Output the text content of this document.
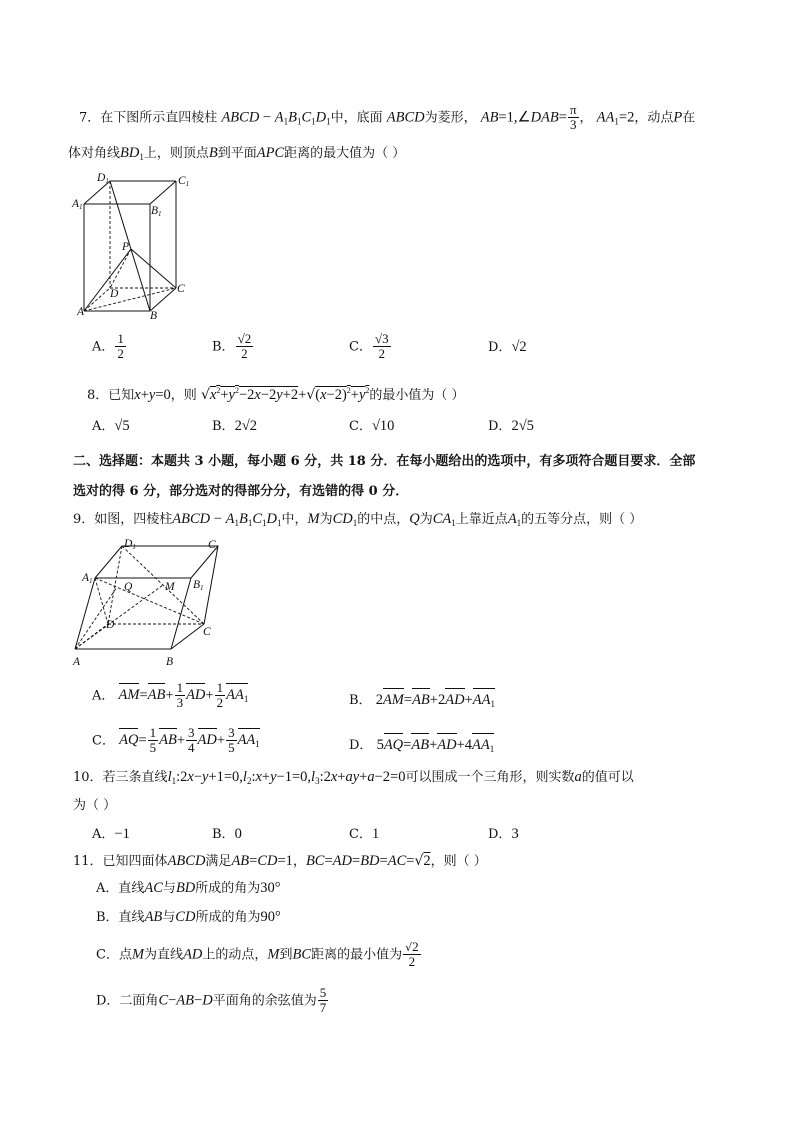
7．在下图所示直四棱柱 ABCD − $A_1B_1C_1D_1$中，底面 ABCD为菱形， AB=1,∠DAB= $\frac{\pi}{3}$ ， $AA_1=2$，动点P在
体对角线$BD_1$上，则顶点B到平面APC距离的最大值为（ ）
D1	C1
A1	B1
P
D	C
A	B
A． $\frac{1}{2}$	B． $\frac{√2}{2}$	C． $\frac{√3}{2}$	D．√2
8．已知x+y=0，则 $√x^2+y^2-2x-2y+2+√(x-2)^2+y^2$的最小值为（ ）
A．√5	B．2√2	C．√10	D．2√5
二、选择题：本题共 3 小题，每小题 6 分，共 18 分．在每小题给出的选项中，有多项符合题目要求．全部
选对的得 6 分，部分选对的得部分分，有选错的得 0 分．
9．如图，四棱柱ABCD − $A_1B_1C_1D_1$中，M为$CD_1$的中点，Q为$CA_1$上靠近点$A_1$的五等分点，则（ ）
D1	C1
A1	B1
Q	M
D
C
A	B
A． $AM=AB+ \frac{1}{3} AD+ \frac{1}{2} AA_1$	B． $2AM=AB+2AD+AA_1$
C． $AQ= \frac{1}{5} AB+ \frac{3}{4} AD+ \frac{3}{5} AA_1$	D． $5AQ=AB+AD+4AA_1$
10．若三条直线$l_1:2x-y+1=0,l_2:x+y-1=0,l_3:2x+ay+a-2=0$可以围成一个三角形，则实数a的值可以
为（ ）
A．−1	B．0	C．1	D．3
11．已知四面体ABCD满足AB=CD=1，BC=AD=BD=AC=√2，则（ ）
A．直线AC与BD所成的角为30°
B．直线AB与CD所成的角为90°
C．点M为直线AD上的动点，M到BC距离的最小值为 $\frac{√2}{2}$
D．二面角C−AB−D平面角的余弦值为 $\frac{5}{7}$
